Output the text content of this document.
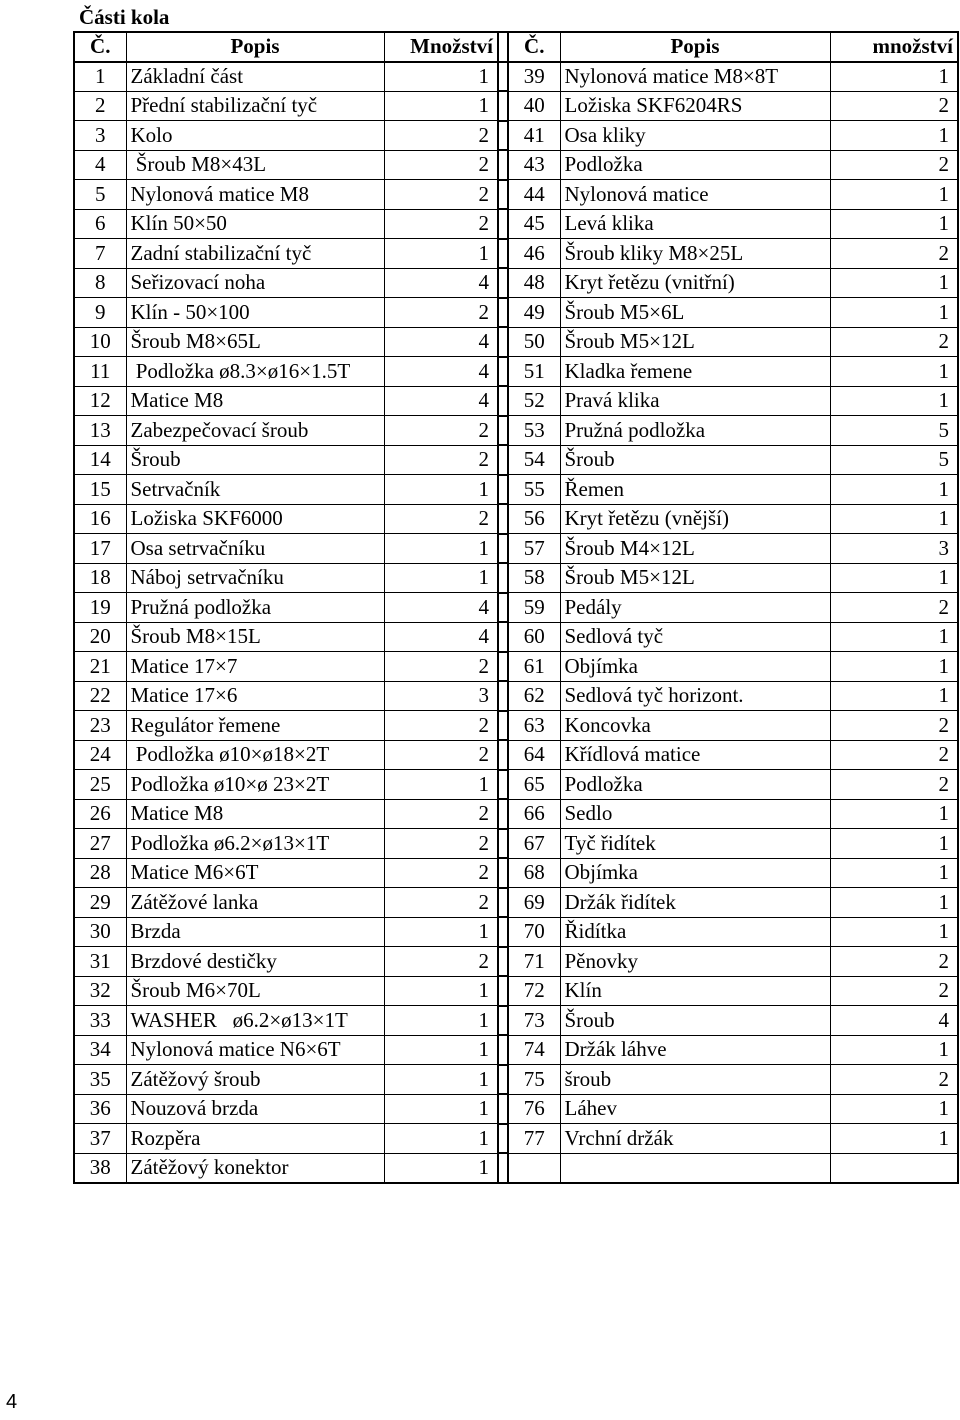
Části kola
Č.	Popis	Množství		Č.	Popis	množství
1	Základní část	1		39	Nylonová matice M8×8T	1
2	Přední stabilizační tyč	1		40	Ložiska SKF6204RS	2
3	Kolo	2		41	Osa kliky	1
4	Šroub M8×43L	2		43	Podložka	2
5	Nylonová matice M8	2		44	Nylonová matice	1
6	Klín 50×50	2		45	Levá klika	1
7	Zadní stabilizační tyč	1		46	Šroub kliky M8×25L	2
8	Seřizovací noha	4		48	Kryt řetězu (vnitřní)	1
9	Klín - 50×100	2		49	Šroub M5×6L	1
10	Šroub M8×65L	4		50	Šroub M5×12L	2
11	Podložka ø8.3×ø16×1.5T	4		51	Kladka řemene	1
12	Matice M8	4		52	Pravá klika	1
13	Zabezpečovací šroub	2		53	Pružná podložka	5
14	Šroub	2		54	Šroub	5
15	Setrvačník	1		55	Řemen	1
16	Ložiska SKF6000	2		56	Kryt řetězu (vnější)	1
17	Osa setrvačníku	1		57	Šroub M4×12L	3
18	Náboj setrvačníku	1		58	Šroub M5×12L	1
19	Pružná podložka	4		59	Pedály	2
20	Šroub M8×15L	4		60	Sedlová tyč	1
21	Matice 17×7	2		61	Objímka	1
22	Matice 17×6	3		62	Sedlová tyč horizont.	1
23	Regulátor řemene	2		63	Koncovka	2
24	Podložka ø10×ø18×2T	2		64	Křídlová matice	2
25	Podložka ø10×ø 23×2T	1		65	Podložka	2
26	Matice M8	2		66	Sedlo	1
27	Podložka ø6.2×ø13×1T	2		67	Tyč řidítek	1
28	Matice M6×6T	2		68	Objímka	1
29	Zátěžové lanka	2		69	Držák řidítek	1
30	Brzda	1		70	Řidítka	1
31	Brzdové destičky	2		71	Pěnovky	2
32	Šroub M6×70L	1		72	Klín	2
33	WASHER   ø6.2×ø13×1T	1		73	Šroub	4
34	Nylonová matice N6×6T	1		74	Držák láhve	1
35	Zátěžový šroub	1		75	šroub	2
36	Nouzová brzda	1		76	Láhev	1
37	Rozpěra	1		77	Vrchní držák	1
38	Zátěžový konektor	1				
4
